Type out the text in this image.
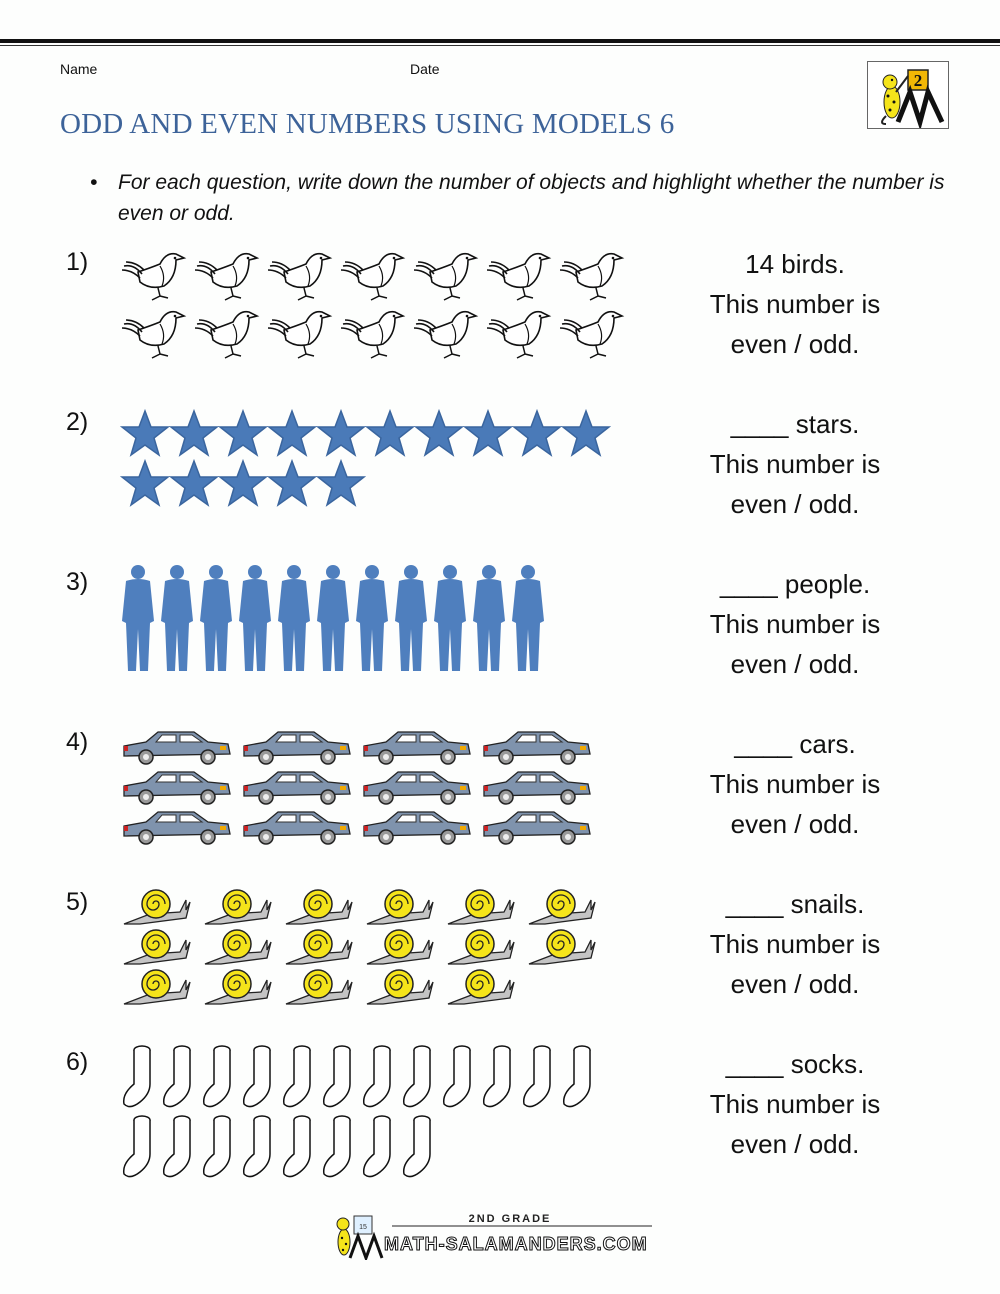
Name	Date
2
ODD AND EVEN NUMBERS USING MODELS 6
• For each question, write down the number of objects and highlight whether the number is even or odd.
1)	14 birds.
This number is
even / odd.
2)	____ stars.
This number is
even / odd.
3)	____ people.
This number is
even / odd.
4)	____ cars.
This number is
even / odd.
5)	____ snails.
This number is
even / odd.
6)	____ socks.
This number is
even / odd.
15
2ND GRADE
MATH-SALAMANDERS.COM
